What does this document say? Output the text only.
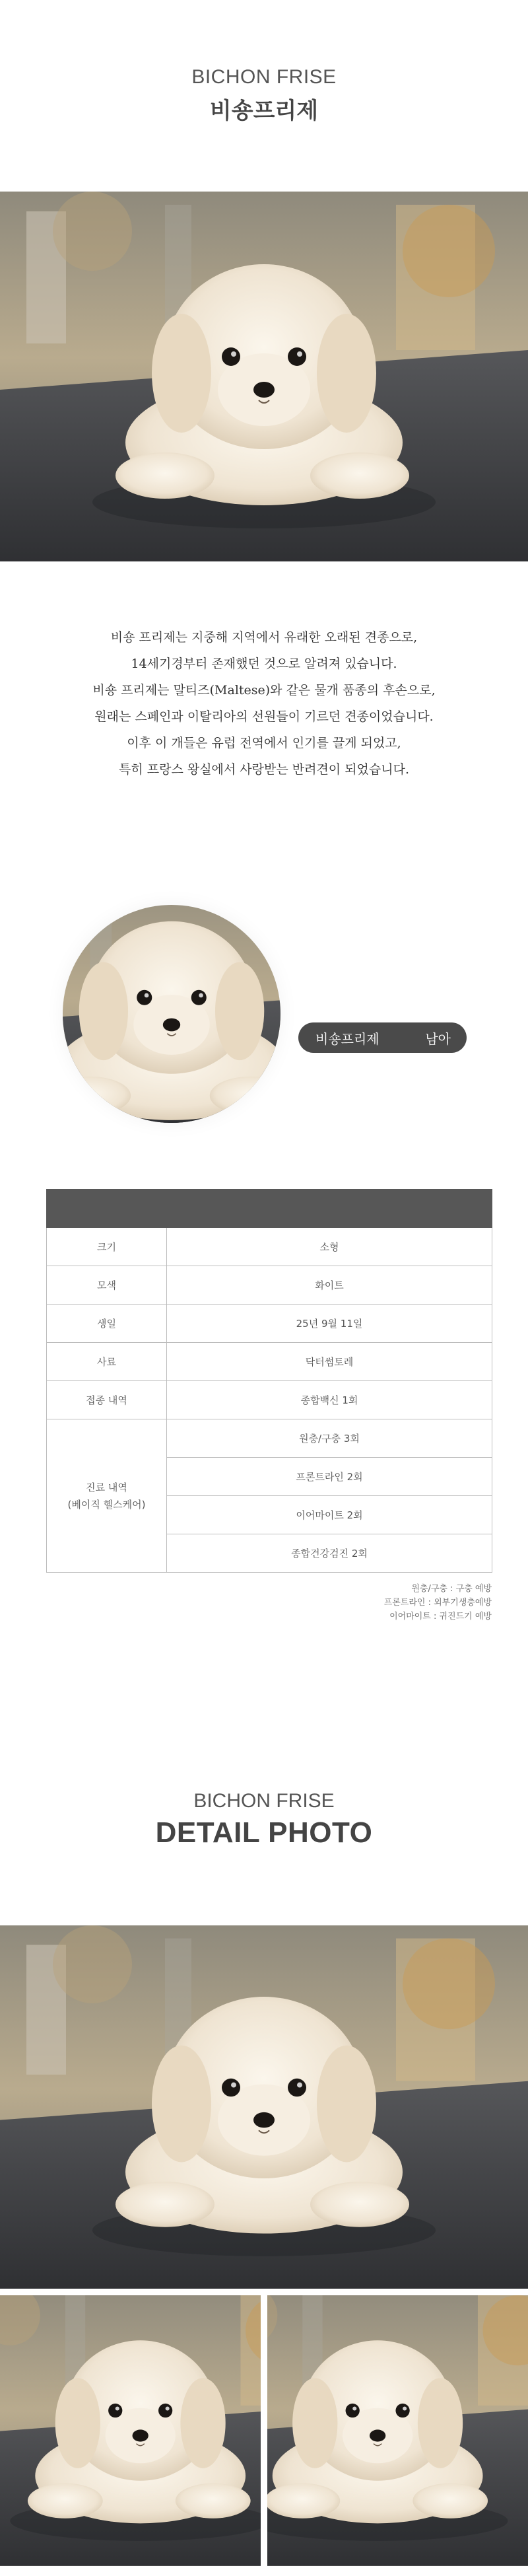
BICHON FRISE
비숑프리제
비숑 프리제는 지중해 지역에서 유래한 오래된 견종으로,
14세기경부터 존재했던 것으로 알려져 있습니다.
비숑 프리제는 말티즈(Maltese)와 같은 물개 품종의 후손으로,
원래는 스페인과 이탈리아의 선원들이 기르던 견종이었습니다.
이후 이 개들은 유럽 전역에서 인기를 끌게 되었고,
특히 프랑스 왕실에서 사랑받는 반려견이 되었습니다.
비숑프리제	남아

크기	소형
모색	화이트
생일	25년 9월 11일
사료	닥터썸토레
접종 내역	종합백신 1회

진료 내역
(베이직 헬스케어)	원충/구충 3회
	프론트라인 2회
	이어마이트 2회
	종합건강검진 2회
원충/구충 : 구충 예방
프론트라인 : 외부기생충예방
이어마이트 : 귀진드기 예방
BICHON FRISE
DETAIL PHOTO
